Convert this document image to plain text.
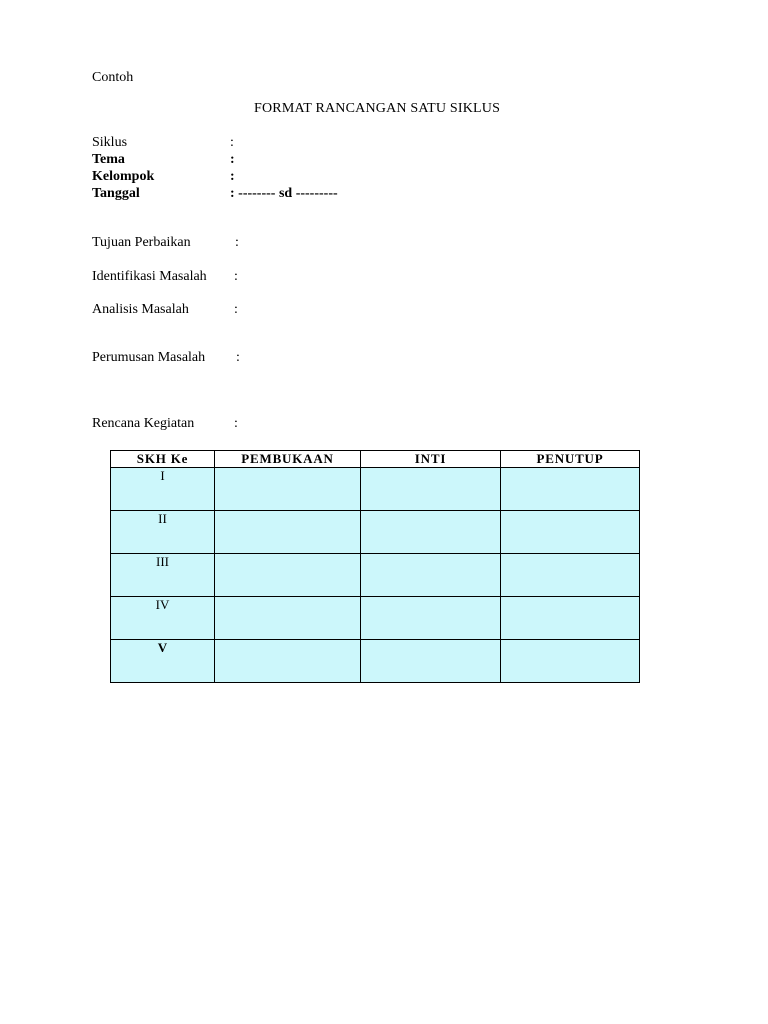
Contoh
FORMAT RANCANGAN SATU SIKLUS
Siklus	:
Tema	:
Kelompok	:
Tanggal	: -------- sd ---------
Tujuan Perbaikan	:
Identifikasi Masalah :
Analisis Masalah	:
Perumusan Masalah :
Rencana Kegiatan	:
SKH Ke	PEMBUKAAN	INTI	PENUTUP
I			
II			
III			
IV			
V			
